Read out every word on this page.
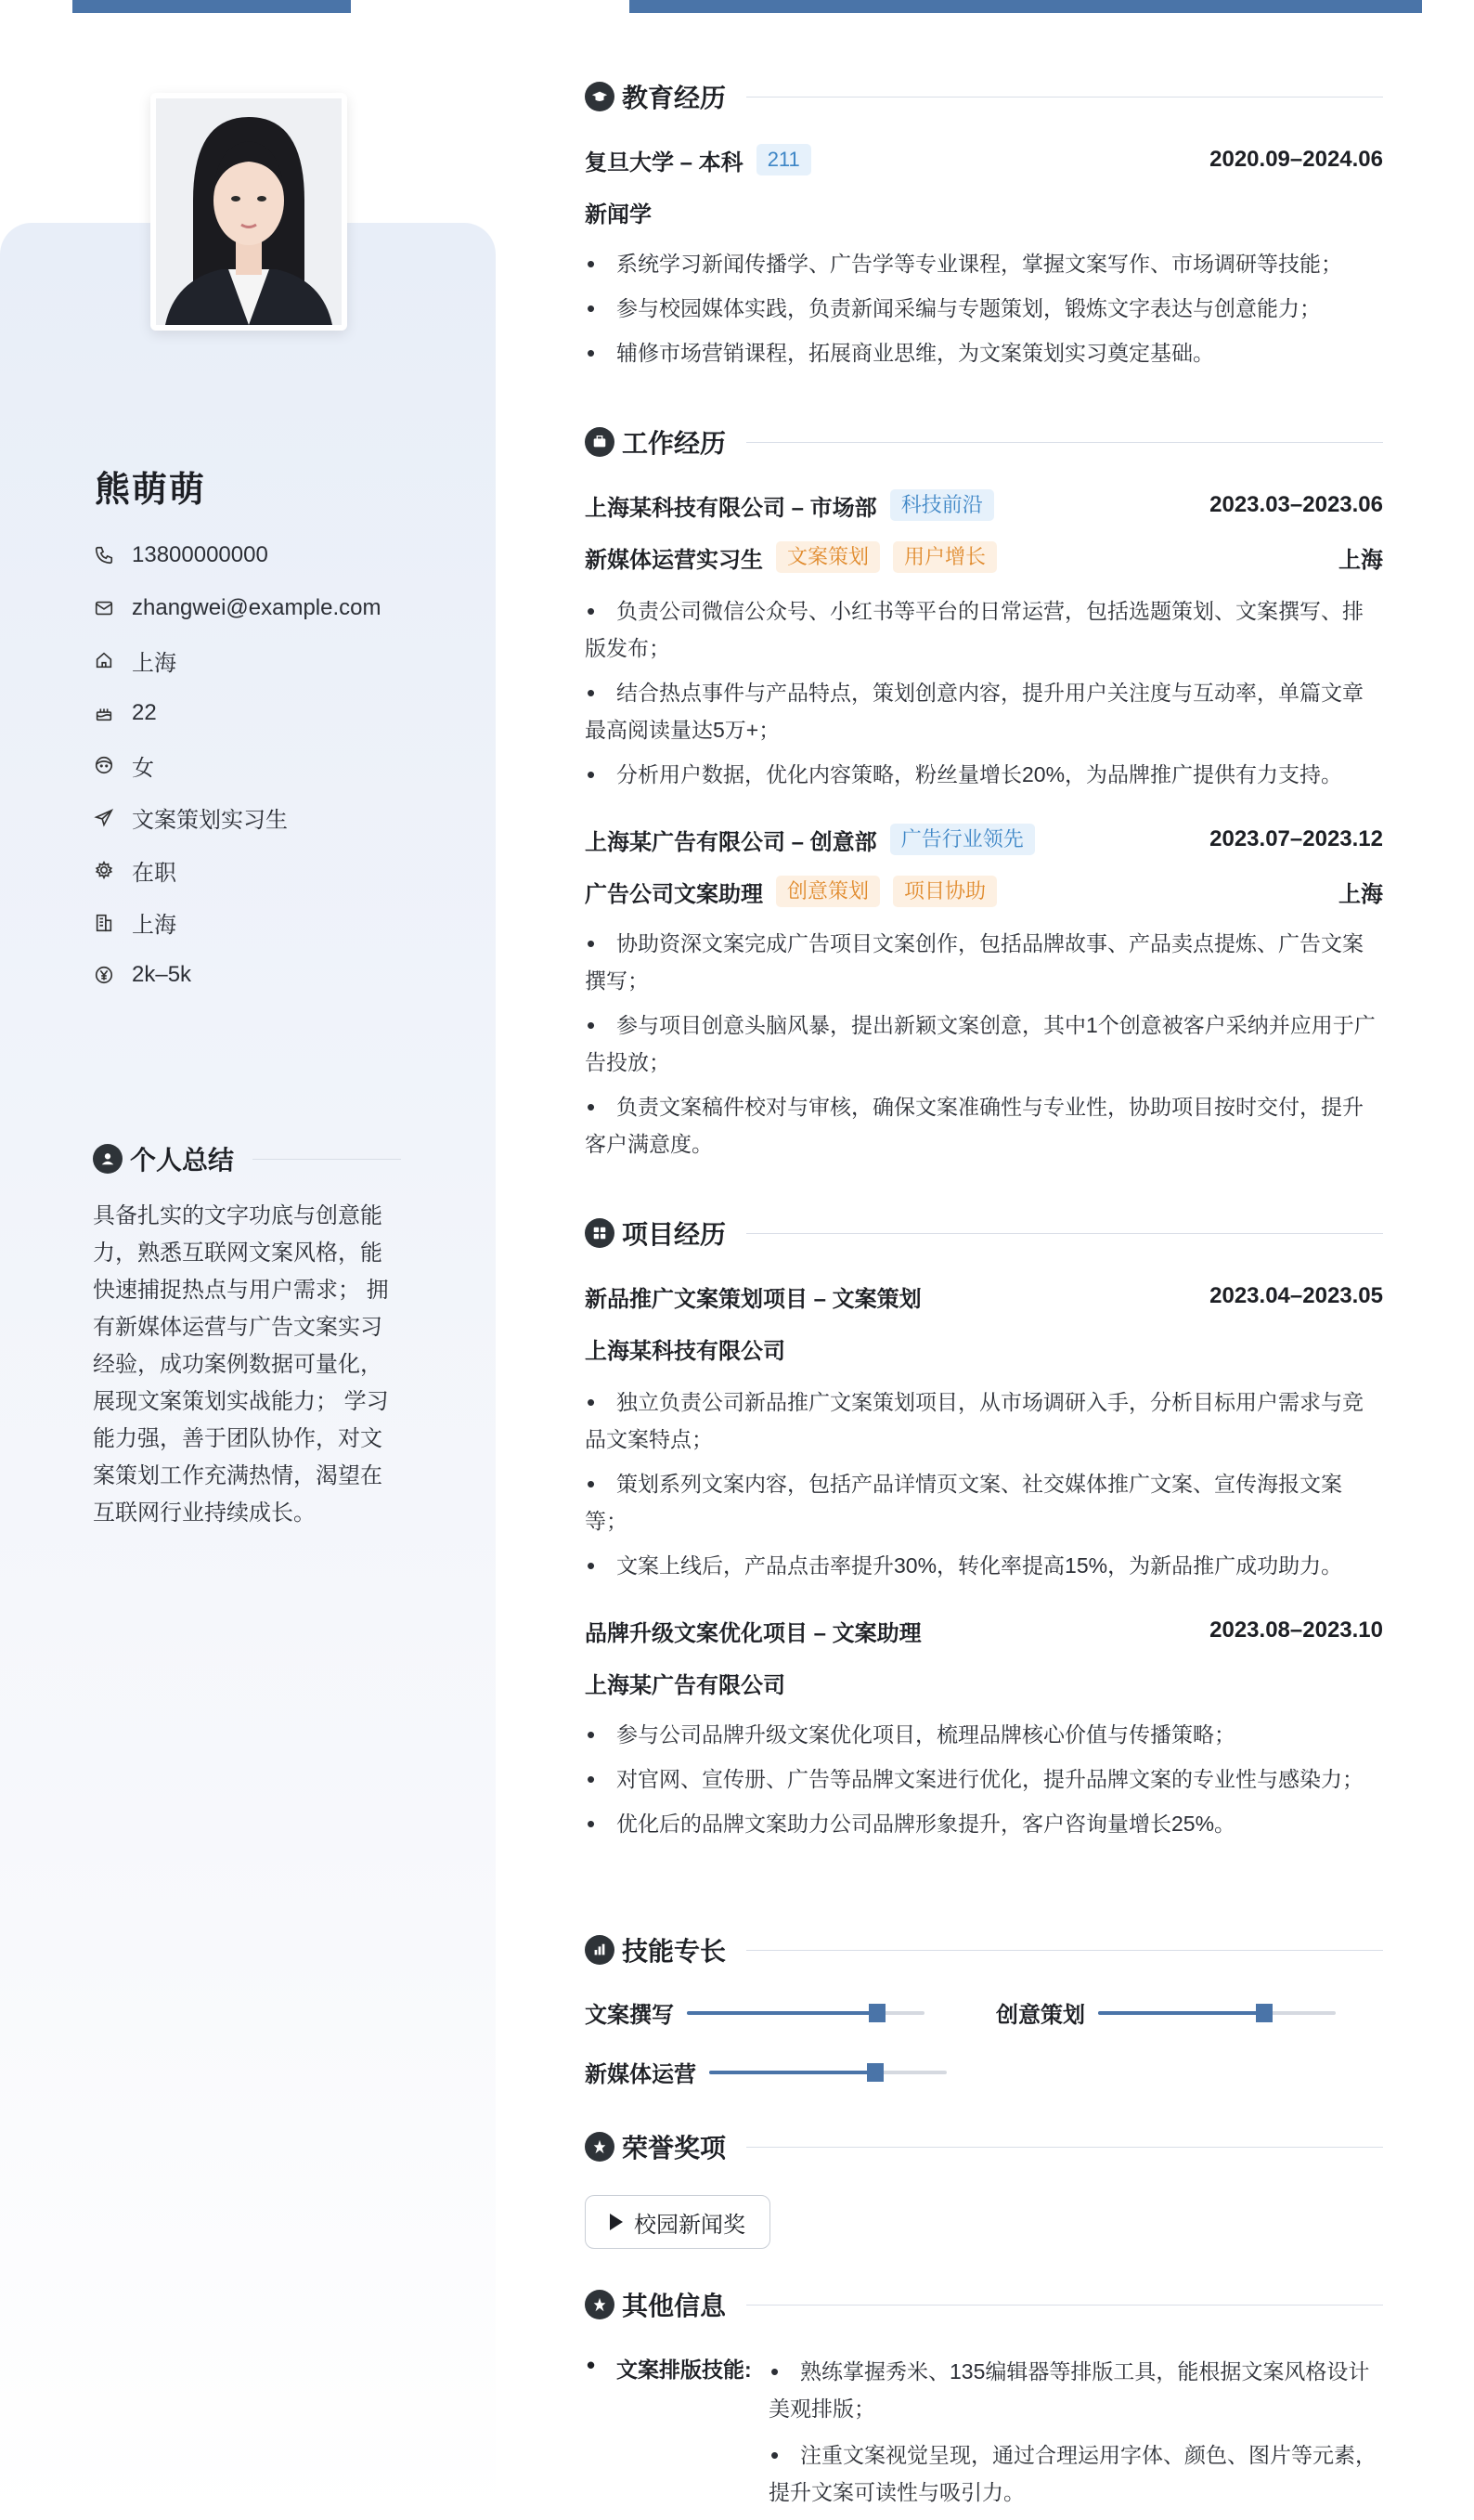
熊萌萌
13800000000
zhangwei@example.com
上海
22
女
文案策划实习生
在职
上海
2k–5k
个人总结

具备扎实的文字功底与创意能力，熟悉互联网文案风格，能快速捕捉热点与用户需求； 拥有新媒体运营与广告文案实习经验，成功案例数据可量化，展现文案策划实战能力； 学习能力强，善于团队协作，对文案策划工作充满热情，渴望在互联网行业持续成长。

教育经历
复旦大学 – 本科	211	2020.09–2024.06
新闻学
• 系统学习新闻传播学、广告学等专业课程，掌握文案写作、市场调研等技能；
• 参与校园媒体实践，负责新闻采编与专题策划，锻炼文字表达与创意能力；
• 辅修市场营销课程，拓展商业思维，为文案策划实习奠定基础。
工作经历
上海某科技有限公司 – 市场部	科技前沿	2023.03–2023.06
新媒体运营实习生	文案策划	用户增长	上海
• 负责公司微信公众号、小红书等平台的日常运营，包括选题策划、文案撰写、排版发布；
• 结合热点事件与产品特点，策划创意内容，提升用户关注度与互动率，单篇文章最高阅读量达5万+；
• 分析用户数据，优化内容策略，粉丝量增长20%，为品牌推广提供有力支持。
上海某广告有限公司 – 创意部	广告行业领先	2023.07–2023.12
广告公司文案助理	创意策划	项目协助	上海
• 协助资深文案完成广告项目文案创作，包括品牌故事、产品卖点提炼、广告文案撰写；
• 参与项目创意头脑风暴，提出新颖文案创意，其中1个创意被客户采纳并应用于广告投放；
• 负责文案稿件校对与审核，确保文案准确性与专业性，协助项目按时交付，提升客户满意度。
项目经历
新品推广文案策划项目 – 文案策划	2023.04–2023.05
上海某科技有限公司
• 独立负责公司新品推广文案策划项目，从市场调研入手，分析目标用户需求与竞品文案特点；
• 策划系列文案内容，包括产品详情页文案、社交媒体推广文案、宣传海报文案等；
• 文案上线后，产品点击率提升30%，转化率提高15%，为新品推广成功助力。
品牌升级文案优化项目 – 文案助理	2023.08–2023.10
上海某广告有限公司
• 参与公司品牌升级文案优化项目，梳理品牌核心价值与传播策略；
• 对官网、宣传册、广告等品牌文案进行优化，提升品牌文案的专业性与感染力；
• 优化后的品牌文案助力公司品牌形象提升，客户咨询量增长25%。
技能专长
文案撰写	创意策划
新媒体运营
荣誉奖项
校园新闻奖
其他信息
• 文案排版技能:
•	熟练掌握秀米、135编辑器等排版工具，能根据文案风格设计美观排版；
• 注重文案视觉呈现，通过合理运用字体、颜色、图片等元素，提升文案可读性与吸引力。
